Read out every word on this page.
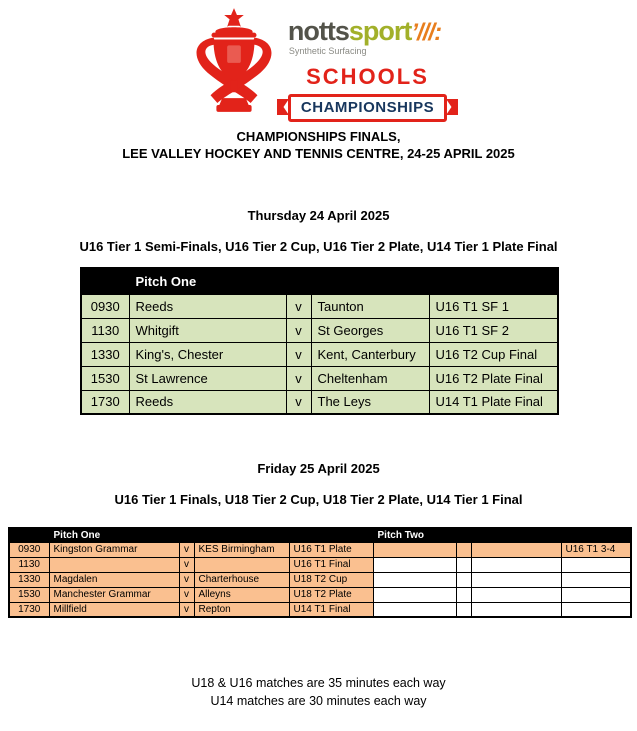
nottssport’///:
Synthetic Surfacing
SCHOOLS
CHAMPIONSHIPS
CHAMPIONSHIPS FINALS,
LEE VALLEY HOCKEY AND TENNIS CENTRE, 24-25 APRIL 2025
Thursday 24 April 2025
U16 Tier 1 Semi-Finals, U16 Tier 2 Cup, U16 Tier 2 Plate, U14 Tier 1 Plate Final
	Pitch One			
0930	Reeds	v	Taunton	U16 T1 SF 1
1130	Whitgift	v	St Georges	U16 T1 SF 2
1330	King's, Chester	v	Kent, Canterbury	U16 T2 Cup Final
1530	St Lawrence	v	Cheltenham	U16 T2 Plate Final
1730	Reeds	v	The Leys	U14 T1 Plate Final
Friday 25 April 2025
U16 Tier 1 Finals, U18 Tier 2 Cup, U18 Tier 2 Plate, U14 Tier 1 Final
	Pitch One				Pitch Two			
0930	Kingston Grammar	v	KES Birmingham	U16 T1 Plate				U16 T1 3-4
1130		v		U16 T1 Final				
1330	Magdalen	v	Charterhouse	U18 T2 Cup				
1530	Manchester Grammar	v	Alleyns	U18 T2 Plate				
1730	Millfield	v	Repton	U14 T1 Final				
U18 & U16 matches are 35 minutes each way
U14 matches are 30 minutes each way
